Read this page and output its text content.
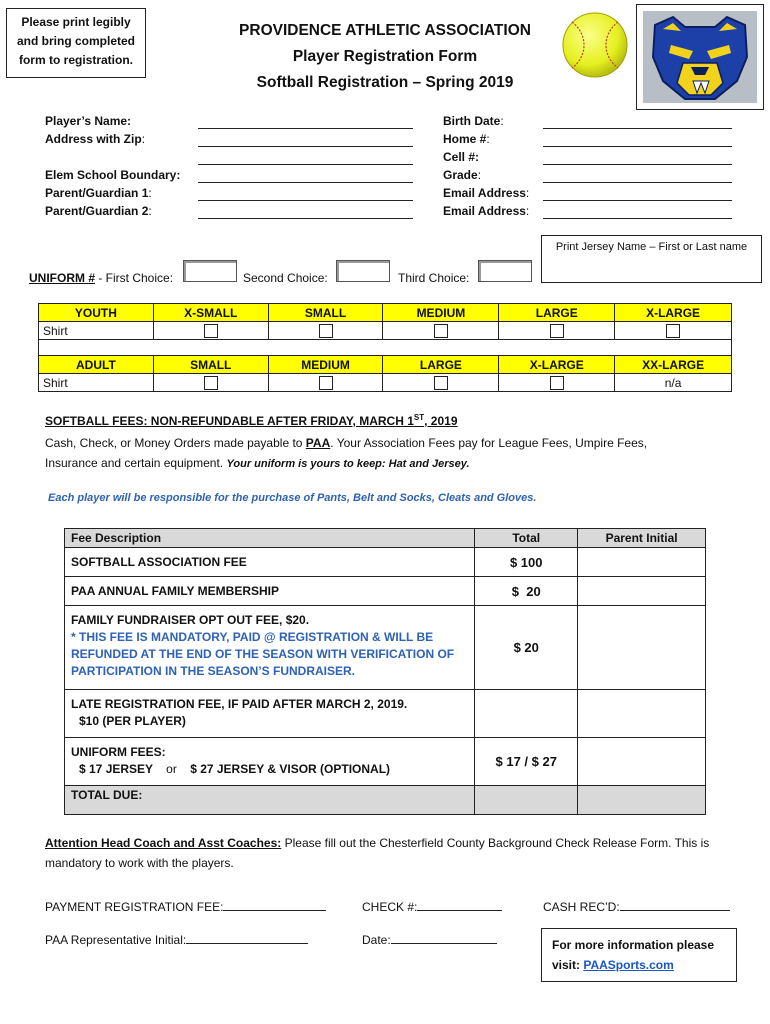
Please print legibly
and bring completed
form to registration.
PROVIDENCE ATHLETIC ASSOCIATION
Player Registration Form
Softball Registration – Spring 2019
Player’s Name:
Address with Zip:
Elem School Boundary:
Parent/Guardian 1:
Parent/Guardian 2:
Birth Date:
Home #:
Cell #:
Grade:
Email Address:
Email Address:
Print Jersey Name – First or Last name
UNIFORM # - First Choice:	Second Choice:	Third Choice:
YOUTH	X-SMALL	SMALL	MEDIUM	LARGE	X-LARGE
Shirt					

ADULT	SMALL	MEDIUM	LARGE	X-LARGE	XX-LARGE
Shirt					n/a
SOFTBALL FEES: NON-REFUNDABLE AFTER FRIDAY, MARCH 1ST, 2019
Cash, Check, or Money Orders made payable to PAA. Your Association Fees pay for League Fees, Umpire Fees,
Insurance and certain equipment. Your uniform is yours to keep: Hat and Jersey.
Each player will be responsible for the purchase of Pants, Belt and Socks, Cleats and Gloves.
Fee Description	Total	Parent Initial
SOFTBALL ASSOCIATION FEE	$ 100	
PAA ANNUAL FAMILY MEMBERSHIP	$  20	

FAMILY FUNDRAISER OPT OUT FEE, $20.
* THIS FEE IS MANDATORY, PAID @ REGISTRATION & WILL BE REFUNDED AT THE END OF THE SEASON WITH VERIFICATION OF PARTICIPATION IN THE SEASON’S FUNDRAISER.	$ 20	

LATE REGISTRATION FEE, IF PAID AFTER MARCH 2, 2019.
$10 (PER PLAYER)		

UNIFORM FEES:
$ 17 JERSEY or $ 27 JERSEY & VISOR (OPTIONAL)	$ 17 / $ 27	
TOTAL DUE:		
Attention Head Coach and Asst Coaches: Please fill out the Chesterfield County Background Check Release Form. This is mandatory to work with the players.
PAYMENT REGISTRATION FEE:	CHECK #:	CASH REC’D:
PAA Representative Initial:	Date:	For more information please
visit: PAASports.com
